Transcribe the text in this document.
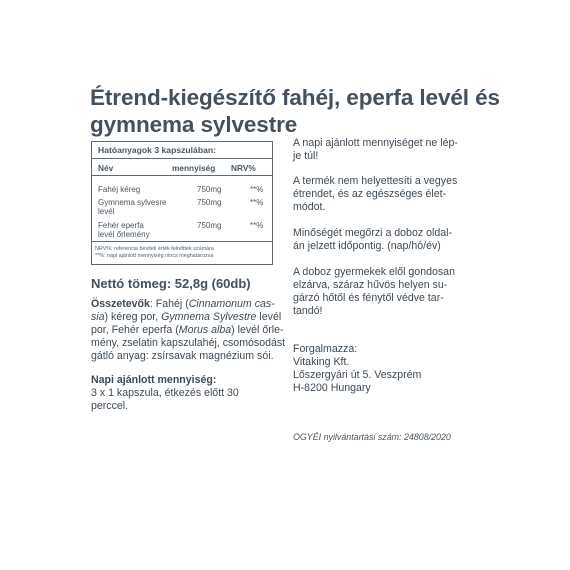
Étrend-kiegészítő fahéj, eperfa levél és
gymnema sylvestre
Hatóanyagok 3 kapszulában:
Név	mennyiség NRV%
Fahéj kéreg	750mg	**%
Gymnema sylvesre
levél
750mg	**%
Fehér eperfa
levél őrlemény
750mg	**%
NRV%: referencia beviteli érték felnőttek számára
**%: napi ajánlott mennyiség nincs meghatározva
Nettó tömeg: 52,8g (60db)
Összetevők: Fahéj (Cinnamonum cas-
sia) kéreg por, Gymnema Sylvestre levél
por, Fehér eperfa (Morus alba) levél őrle-
mény, zselatin kapszulahéj, csomósodást
gátló anyag: zsírsavak magnézium sói.
Napi ajánlott mennyiség:
3 x 1 kapszula, étkezés előtt 30
perccel.
A napi ajánlott mennyiséget ne lép-
je túl!
A termék nem helyettesíti a vegyes
étrendet, és az egészséges élet-
módot.
Minőségét megőrzi a doboz oldal-
án jelzett időpontig. (nap/hó/év)
A doboz gyermekek elől gondosan
elzárva, száraz hűvös helyen su-
gárzó hőtől és fénytől védve tar-
tandó!
Forgalmazza:
Vitaking Kft.
Lőszergyári út 5. Veszprém
H-8200 Hungary
OGYÉI nyilvántartási szám: 24808/2020
